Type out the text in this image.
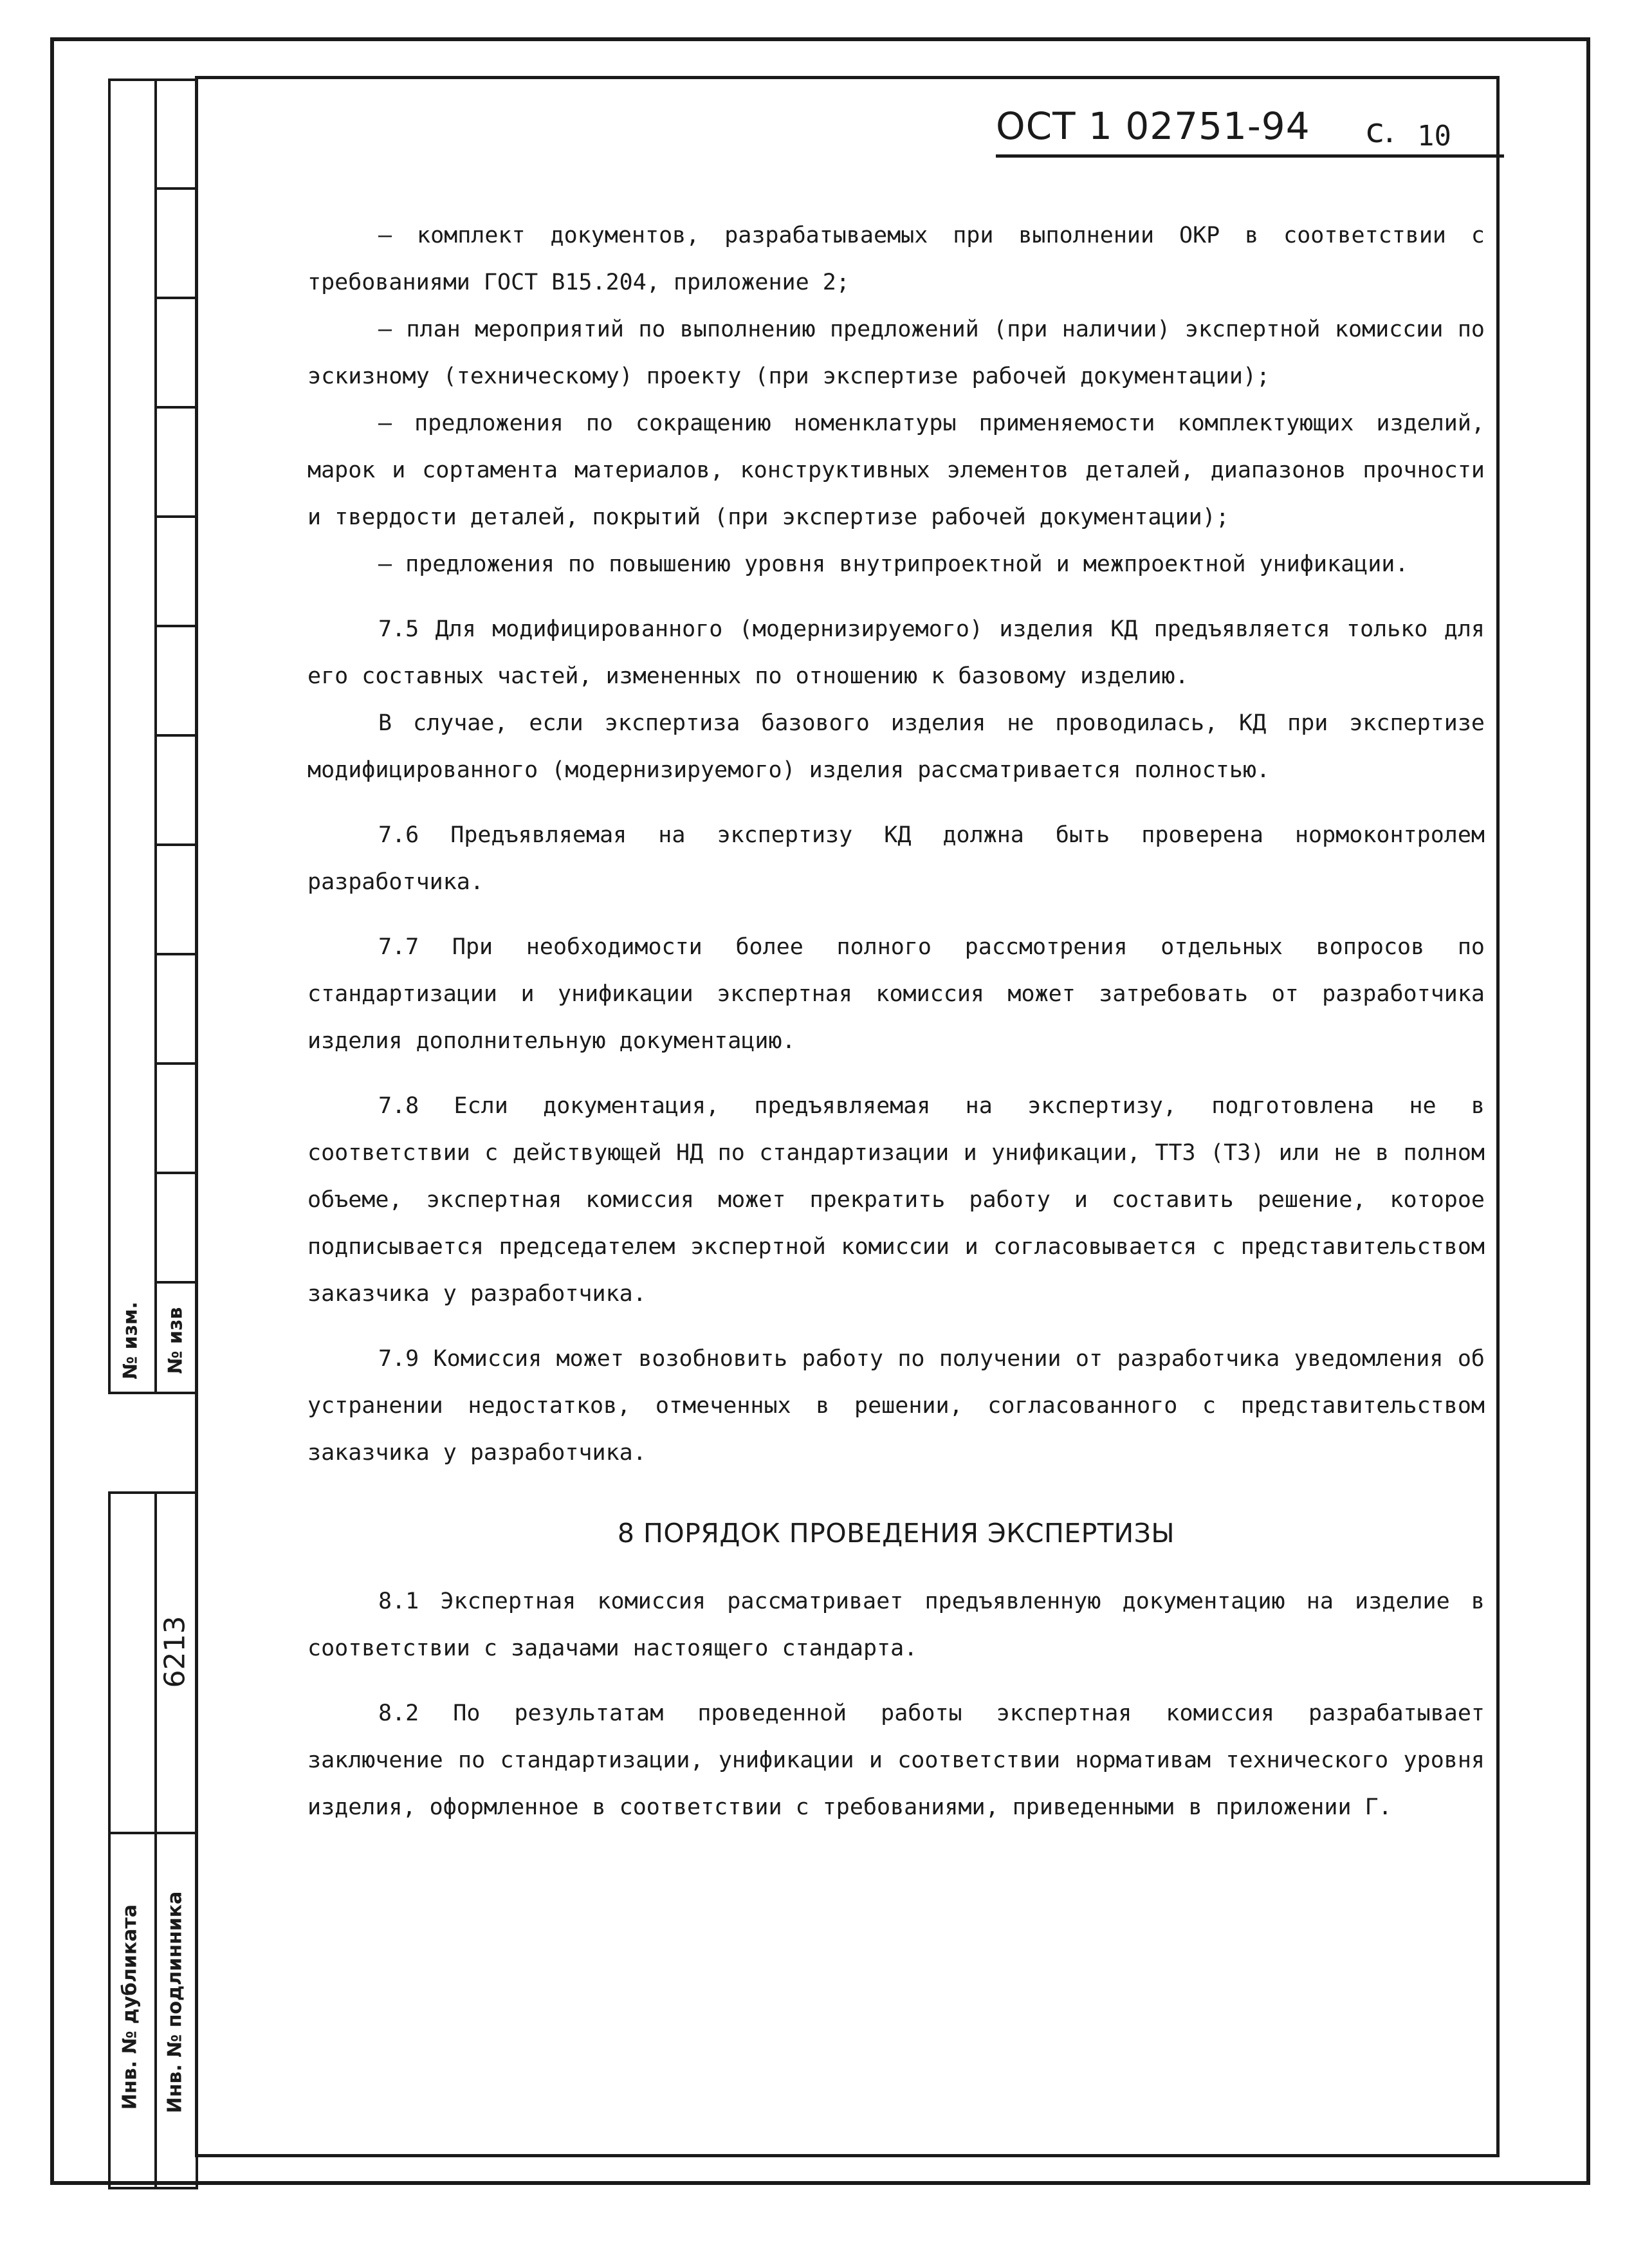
№ изм. № изв
6213
Инв. № дубликата Инв. № подлинника
ОСТ 1 02751-94 с. 10

– комплект документов, разрабатываемых при выполнении ОКР в соответствии с требованиями ГОСТ В15.204, приложение 2;

– план мероприятий по выполнению предложений (при наличии) экспертной комиссии по эскизному (техническому) проекту (при экспертизе рабочей документации);

– предложения по сокращению номенклатуры применяемости комплектующих изделий, марок и сортамента материалов, конструктивных элементов деталей, диапазонов прочности и твердости деталей, покрытий (при экспертизе рабочей документации);

– предложения по повышению уровня внутрипроектной и межпроектной унификации.

7.5 Для модифицированного (модернизируемого) изделия КД предъявляется только для его составных частей, измененных по отношению к базовому изделию.

В случае, если экспертиза базового изделия не проводилась, КД при экспертизе модифицированного (модернизируемого) изделия рассматривается полностью.

7.6 Предъявляемая на экспертизу КД должна быть проверена нормоконтролем разработчика.

7.7 При необходимости более полного рассмотрения отдельных вопросов по стандартизации и унификации экспертная комиссия может затребовать от разработчика изделия дополнительную документацию.

7.8 Если документация, предъявляемая на экспертизу, подготовлена не в соответствии с действующей НД по стандартизации и унификации, ТТЗ (ТЗ) или не в полном объеме, экспертная комиссия может прекратить работу и составить решение, которое подписывается председателем экспертной комиссии и согласовывается с представительством заказчика у разработчика.

7.9 Комиссия может возобновить работу по получении от разработчика уведомления об устранении недостатков, отмеченных в решении, согласованного с представительством заказчика у разработчика.

8 ПОРЯДОК ПРОВЕДЕНИЯ ЭКСПЕРТИЗЫ

8.1 Экспертная комиссия рассматривает предъявленную документацию на изделие в соответствии с задачами настоящего стандарта.

8.2 По результатам проведенной работы экспертная комиссия разрабатывает заключение по стандартизации, унификации и соответствии нормативам технического уровня изделия, оформленное в соответствии с требованиями, приведенными в приложении Г.
